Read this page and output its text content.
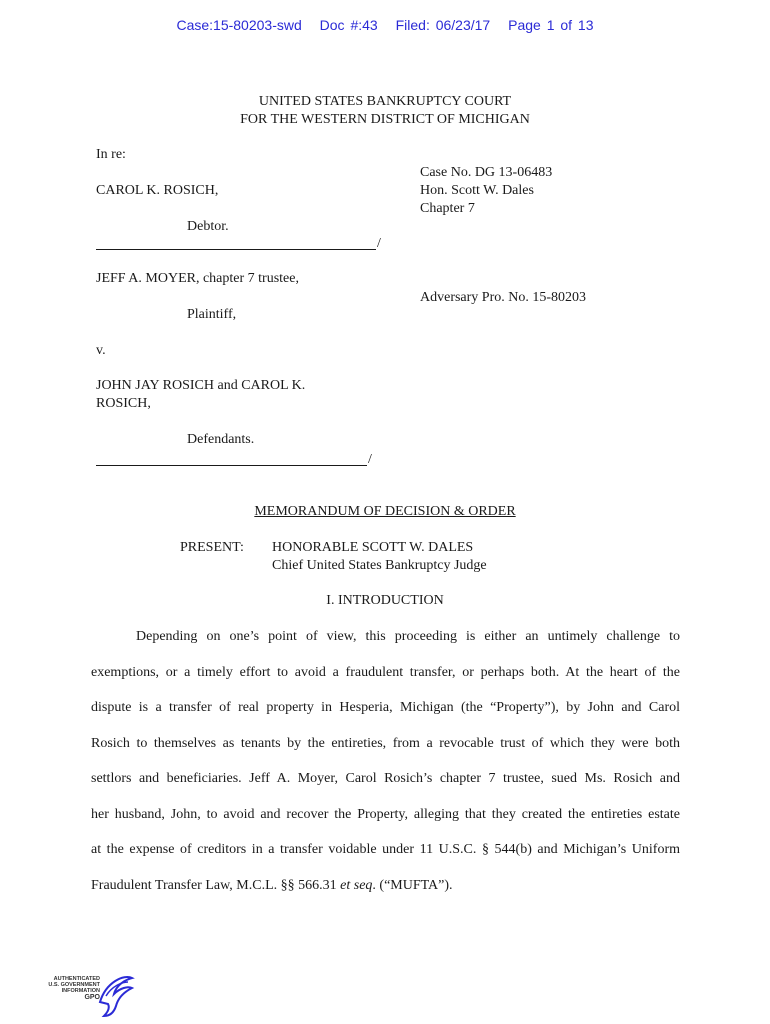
Case:15-80203-swd Doc #:43 Filed: 06/23/17 Page 1 of 13
UNITED STATES BANKRUPTCY COURT
FOR THE WESTERN DISTRICT OF MICHIGAN
In re:
CAROL K. ROSICH,
Debtor.
/
JEFF A. MOYER, chapter 7 trustee,
Plaintiff,
v.
JOHN JAY ROSICH and CAROL K.
ROSICH,
Defendants.
/
Case No. DG 13-06483
Hon. Scott W. Dales
Chapter 7
Adversary Pro. No. 15-80203
MEMORANDUM OF DECISION & ORDER
PRESENT: HONORABLE SCOTT W. DALES
Chief United States Bankruptcy Judge
I. INTRODUCTION
Depending on one’s point of view, this proceeding is either an untimely challenge to
exemptions, or a timely effort to avoid a fraudulent transfer, or perhaps both. At the heart of the
dispute is a transfer of real property in Hesperia, Michigan (the “Property”), by John and Carol
Rosich to themselves as tenants by the entireties, from a revocable trust of which they were both
settlors and beneficiaries. Jeff A. Moyer, Carol Rosich’s chapter 7 trustee, sued Ms. Rosich and
her husband, John, to avoid and recover the Property, alleging that they created the entireties estate
at the expense of creditors in a transfer voidable under 11 U.S.C. § 544(b) and Michigan’s Uniform
Fraudulent Transfer Law, M.C.L. §§ 566.31 et seq. (“MUFTA”).
AUTHENTICATED
U.S. GOVERNMENT
INFORMATION
GPO
